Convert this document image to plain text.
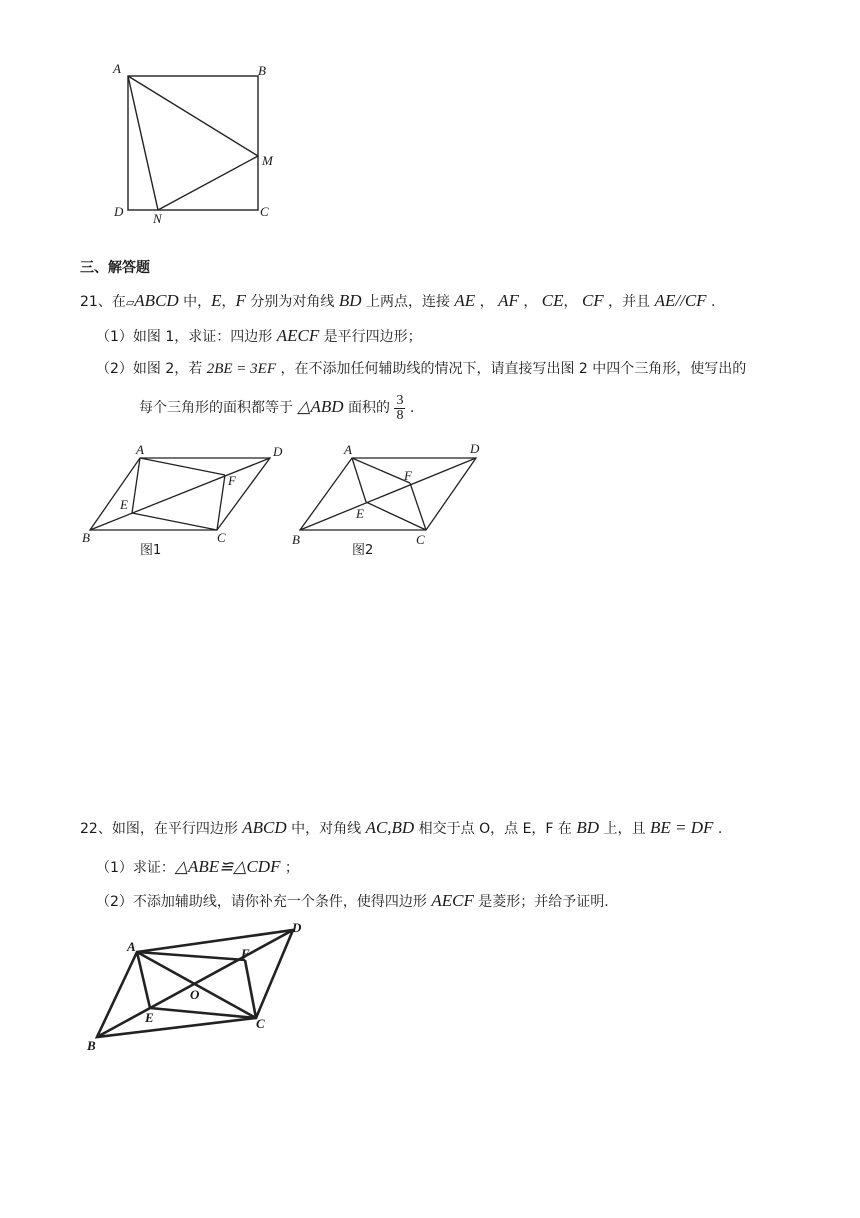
A	B
M
D N	C
三、解答题
21、在▱ABCD 中，E，F 分别为对角线 BD 上两点，连接 AE ， AF ， CE， CF ，并且 AE//CF .
（1）如图 1，求证：四边形 AECF 是平行四边形；
（2）如图 2，若 2BE = 3EF ，在不添加任何辅助线的情况下，请直接写出图 2 中四个三角形，使写出的
每个三角形的面积都等于 △ABD 面积的 $\frac{3}{8}$ .
A	D
F
E
B	C
图1
A	D
F
E
B	C
图2
22、如图，在平行四边形 ABCD 中，对角线 AC,BD 相交于点 O，点 E，F 在 BD 上，且 BE = DF .
（1）求证：△ABE≌△CDF ；
（2）不添加辅助线，请你补充一个条件，使得四边形 AECF 是菱形；并给予证明.
A
D
F
O
E	C
B
